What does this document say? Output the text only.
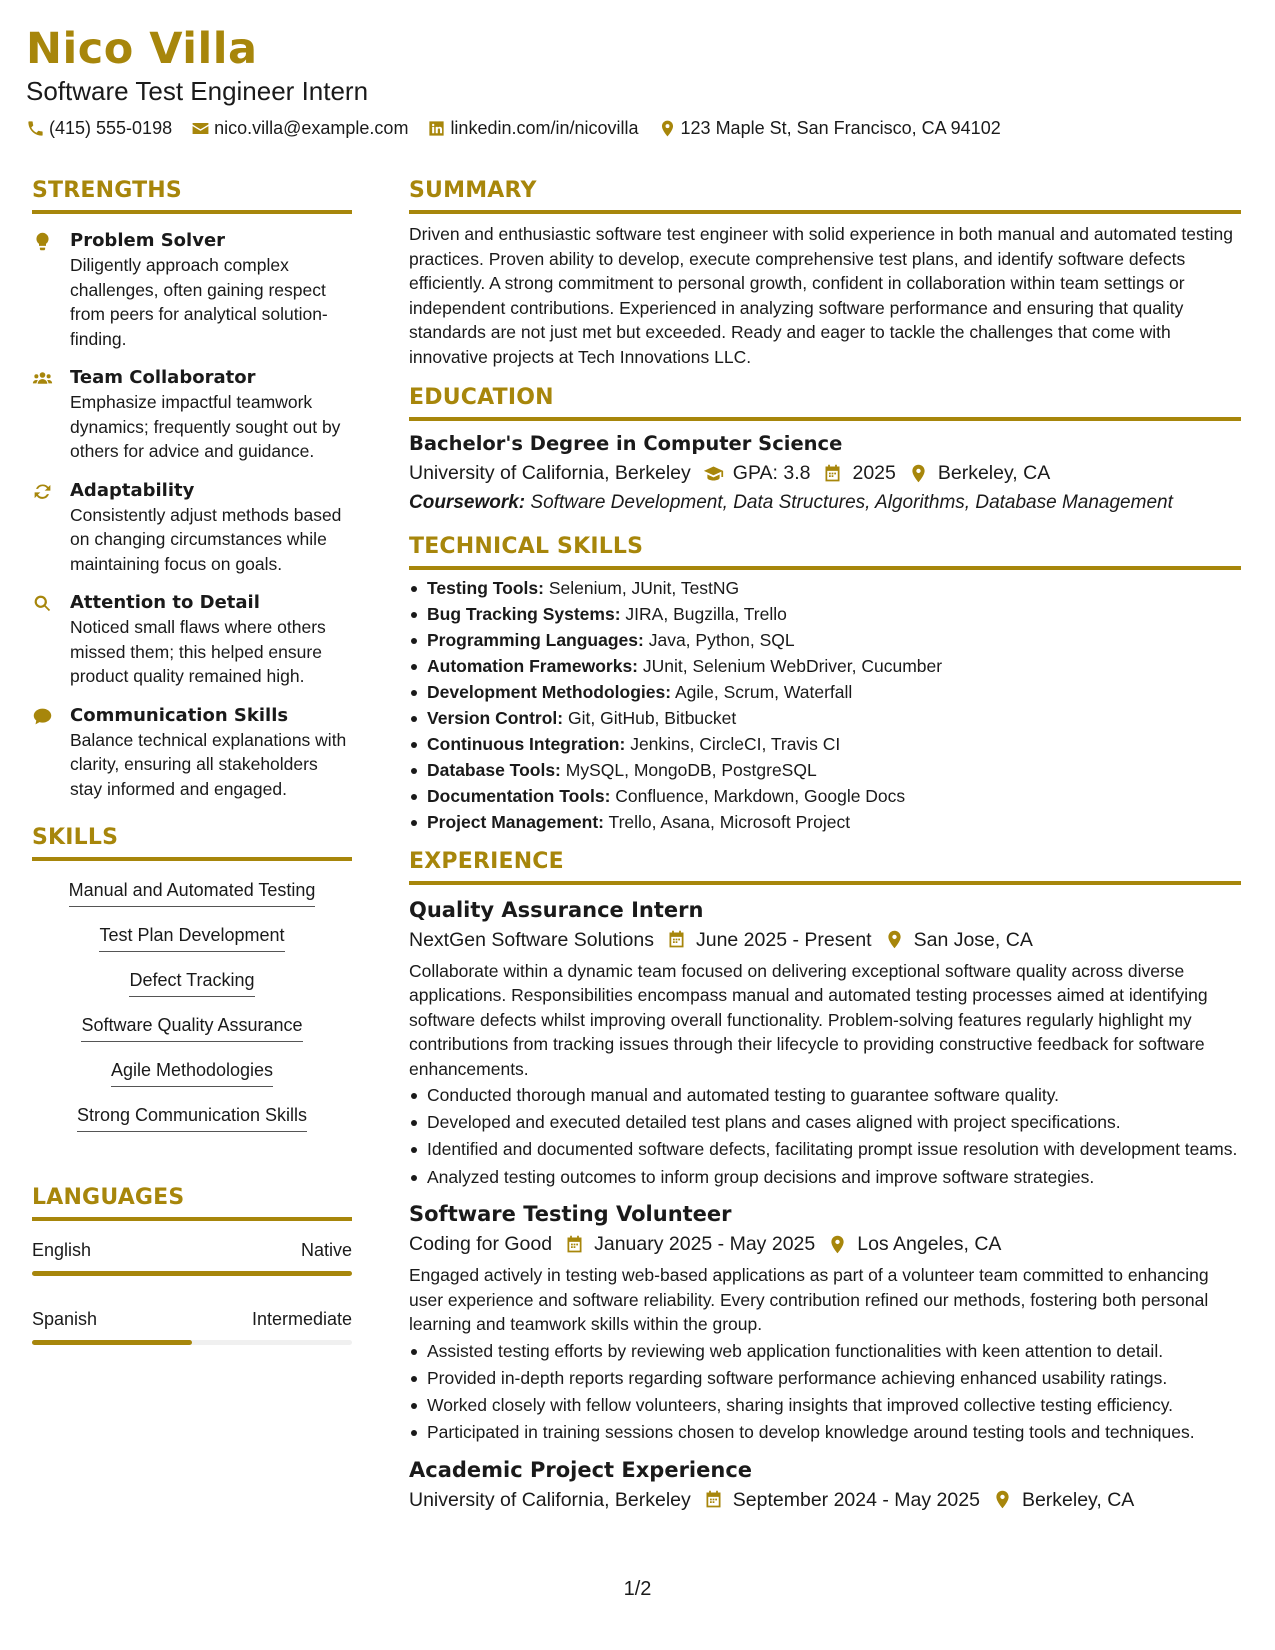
Nico Villa
Software Test Engineer Intern
(415) 555-0198 nico.villa@example.com linkedin.com/in/nicovilla 123 Maple St, San Francisco, CA 94102
STRENGTHS
Problem Solver
Diligently approach complex challenges, often gaining respect from peers for analytical solution-finding.
Team Collaborator
Emphasize impactful teamwork dynamics; frequently sought out by others for advice and guidance.
Adaptability
Consistently adjust methods based on changing circumstances while maintaining focus on goals.
Attention to Detail
Noticed small flaws where others missed them; this helped ensure product quality remained high.
Communication Skills
Balance technical explanations with clarity, ensuring all stakeholders stay informed and engaged.
SKILLS
Manual and Automated Testing
Test Plan Development
Defect Tracking
Software Quality Assurance
Agile Methodologies
Strong Communication Skills
LANGUAGES
English	Native
Spanish	Intermediate
SUMMARY
Driven and enthusiastic software test engineer with solid experience in both manual and automated testing practices. Proven ability to develop, execute comprehensive test plans, and identify software defects efficiently. A strong commitment to personal growth, confident in collaboration within team settings or independent contributions. Experienced in analyzing software performance and ensuring that quality standards are not just met but exceeded. Ready and eager to tackle the challenges that come with innovative projects at Tech Innovations LLC.
EDUCATION
Bachelor's Degree in Computer Science
University of California, Berkeley GPA: 3.8 2025 Berkeley, CA
Coursework: Software Development, Data Structures, Algorithms, Database Management
TECHNICAL SKILLS
Testing Tools: Selenium, JUnit, TestNG
Bug Tracking Systems: JIRA, Bugzilla, Trello
Programming Languages: Java, Python, SQL
Automation Frameworks: JUnit, Selenium WebDriver, Cucumber
Development Methodologies: Agile, Scrum, Waterfall
Version Control: Git, GitHub, Bitbucket
Continuous Integration: Jenkins, CircleCI, Travis CI
Database Tools: MySQL, MongoDB, PostgreSQL
Documentation Tools: Confluence, Markdown, Google Docs
Project Management: Trello, Asana, Microsoft Project
EXPERIENCE
Quality Assurance Intern
NextGen Software Solutions June 2025 - Present San Jose, CA
Collaborate within a dynamic team focused on delivering exceptional software quality across diverse applications. Responsibilities encompass manual and automated testing processes aimed at identifying software defects whilst improving overall functionality. Problem-solving features regularly highlight my contributions from tracking issues through their lifecycle to providing constructive feedback for software enhancements.
Conducted thorough manual and automated testing to guarantee software quality.
Developed and executed detailed test plans and cases aligned with project specifications.
Identified and documented software defects, facilitating prompt issue resolution with development teams.
Analyzed testing outcomes to inform group decisions and improve software strategies.
Software Testing Volunteer
Coding for Good January 2025 - May 2025 Los Angeles, CA
Engaged actively in testing web-based applications as part of a volunteer team committed to enhancing user experience and software reliability. Every contribution refined our methods, fostering both personal learning and teamwork skills within the group.
Assisted testing efforts by reviewing web application functionalities with keen attention to detail.
Provided in-depth reports regarding software performance achieving enhanced usability ratings.
Worked closely with fellow volunteers, sharing insights that improved collective testing efficiency.
Participated in training sessions chosen to develop knowledge around testing tools and techniques.
Academic Project Experience
University of California, Berkeley September 2024 - May 2025 Berkeley, CA
1/2
